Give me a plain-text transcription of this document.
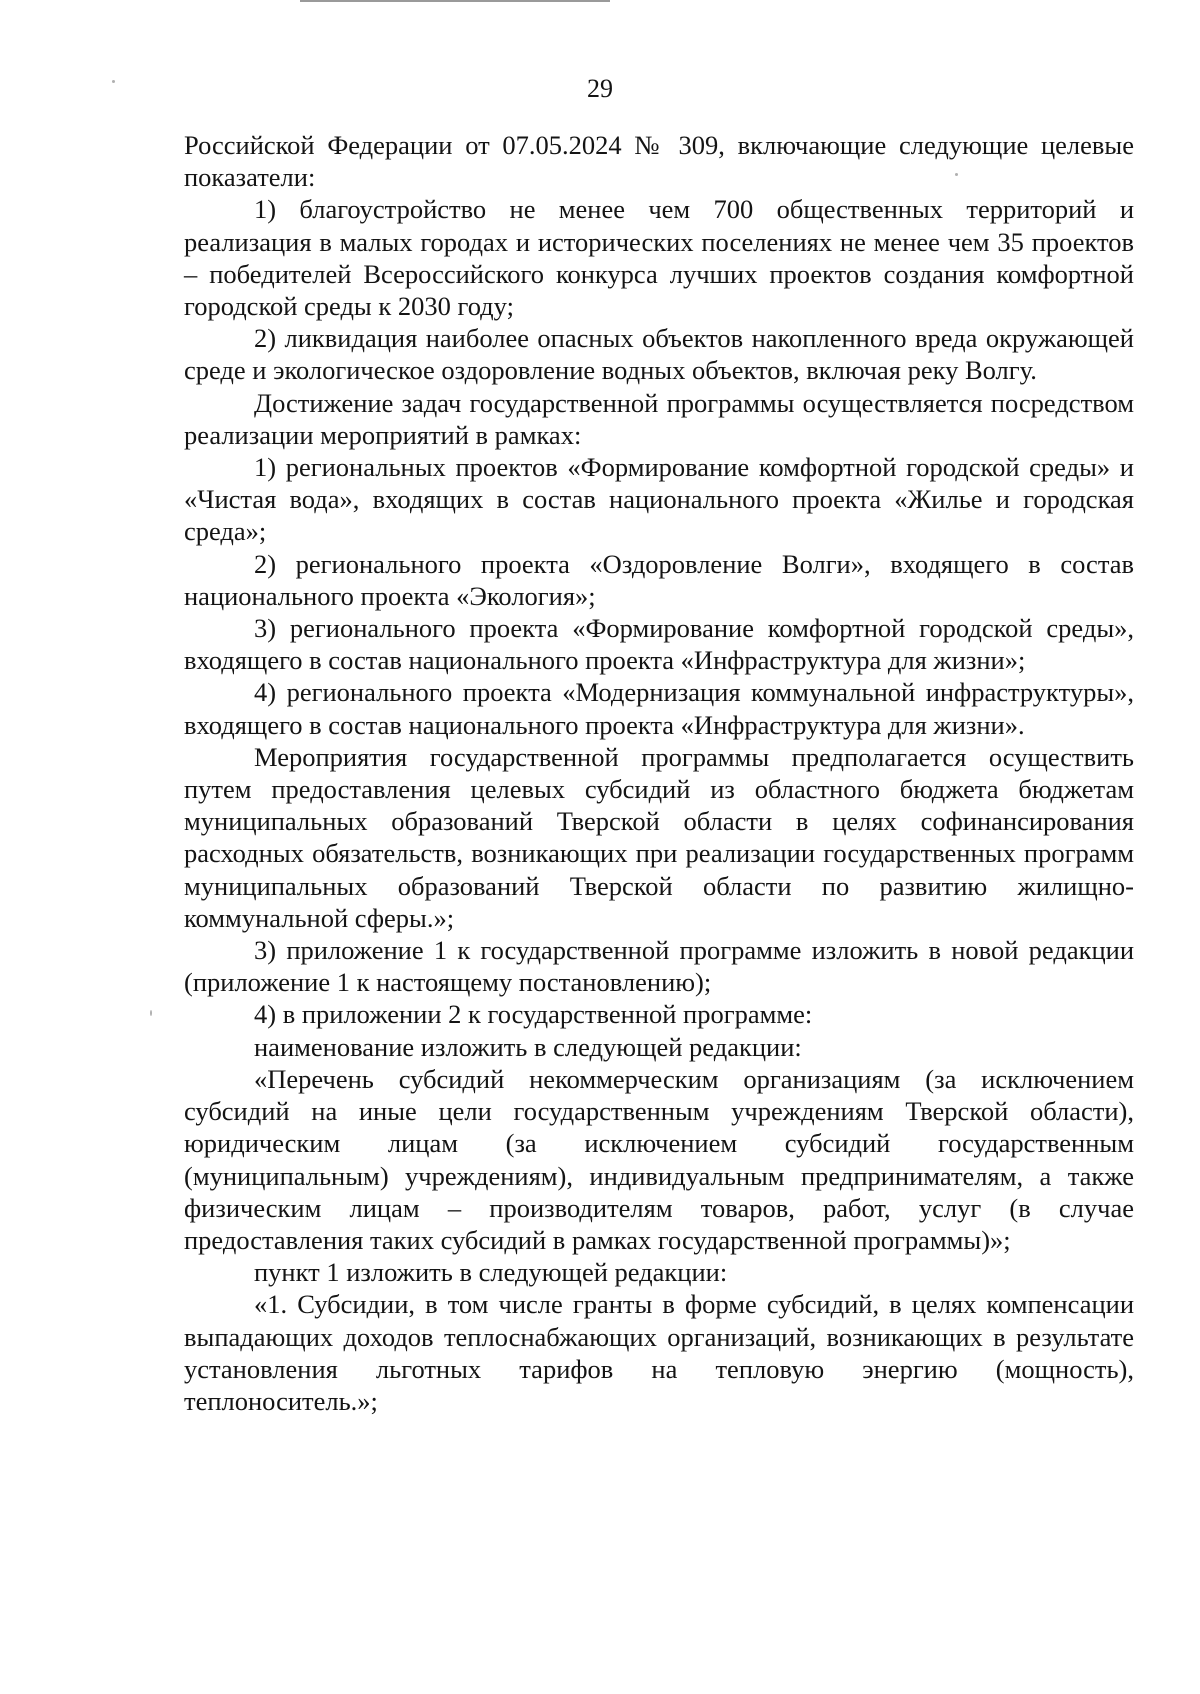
29

Российской Федерации от 07.05.2024 № 309, включающие следующие целевые показатели:

1) благоустройство не менее чем 700 общественных территорий и реализация в малых городах и исторических поселениях не менее чем 35 проектов – победителей Всероссийского конкурса лучших проектов создания комфортной городской среды к 2030 году;

2) ликвидация наиболее опасных объектов накопленного вреда окружающей среде и экологическое оздоровление водных объектов, включая реку Волгу.

Достижение задач государственной программы осуществляется посредством реализации мероприятий в рамках:

1) региональных проектов «Формирование комфортной городской среды» и «Чистая вода», входящих в состав национального проекта «Жилье и городская среда»;

2) регионального проекта «Оздоровление Волги», входящего в состав национального проекта «Экология»;

3) регионального проекта «Формирование комфортной городской среды», входящего в состав национального проекта «Инфраструктура для жизни»;

4) регионального проекта «Модернизация коммунальной инфраструктуры», входящего в состав национального проекта «Инфраструктура для жизни».

Мероприятия государственной программы предполагается осуществить путем предоставления целевых субсидий из областного бюджета бюджетам муниципальных образований Тверской области в целях софинансирования расходных обязательств, возникающих при реализации государственных программ муниципальных образований Тверской области по развитию жилищно-коммунальной сферы.»;

3) приложение 1 к государственной программе изложить в новой редакции (приложение 1 к настоящему постановлению);

4) в приложении 2 к государственной программе:

наименование изложить в следующей редакции:

«Перечень субсидий некоммерческим организациям (за исключением субсидий на иные цели государственным учреждениям Тверской области), юридическим лицам (за исключением субсидий государственным (муниципальным) учреждениям), индивидуальным предпринимателям, а также физическим лицам – производителям товаров, работ, услуг (в случае предоставления таких субсидий в рамках государственной программы)»;

пункт 1 изложить в следующей редакции:

«1. Субсидии, в том числе гранты в форме субсидий, в целях компенсации выпадающих доходов теплоснабжающих организаций, возникающих в результате установления льготных тарифов на тепловую энергию (мощность), теплоноситель.»;
